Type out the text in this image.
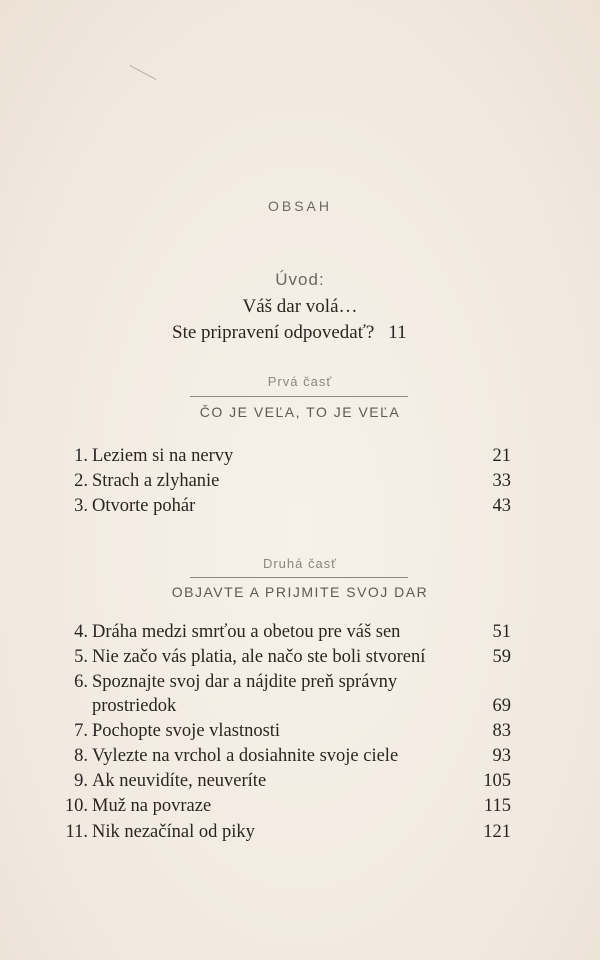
OBSAH
Úvod:
Váš dar volá…
Ste pripravení odpovedať? 11
Prvá časť
ČO JE VEĽA, TO JE VEĽA
1. Leziem si na nervy	21
2. Strach a zlyhanie	33
3. Otvorte pohár	43
Druhá časť
OBJAVTE A PRIJMITE SVOJ DAR
4. Dráha medzi smrťou a obetou pre váš sen	51
5. Nie začo vás platia, ale načo ste boli stvorení	59
6. Spoznajte svoj dar a nájdite preň správny
prostriedok	69
7. Pochopte svoje vlastnosti	83
8. Vylezte na vrchol a dosiahnite svoje ciele	93
9. Ak neuvidíte, neuveríte	105
10. Muž na povraze	115
11. Nik nezačínal od piky	121
